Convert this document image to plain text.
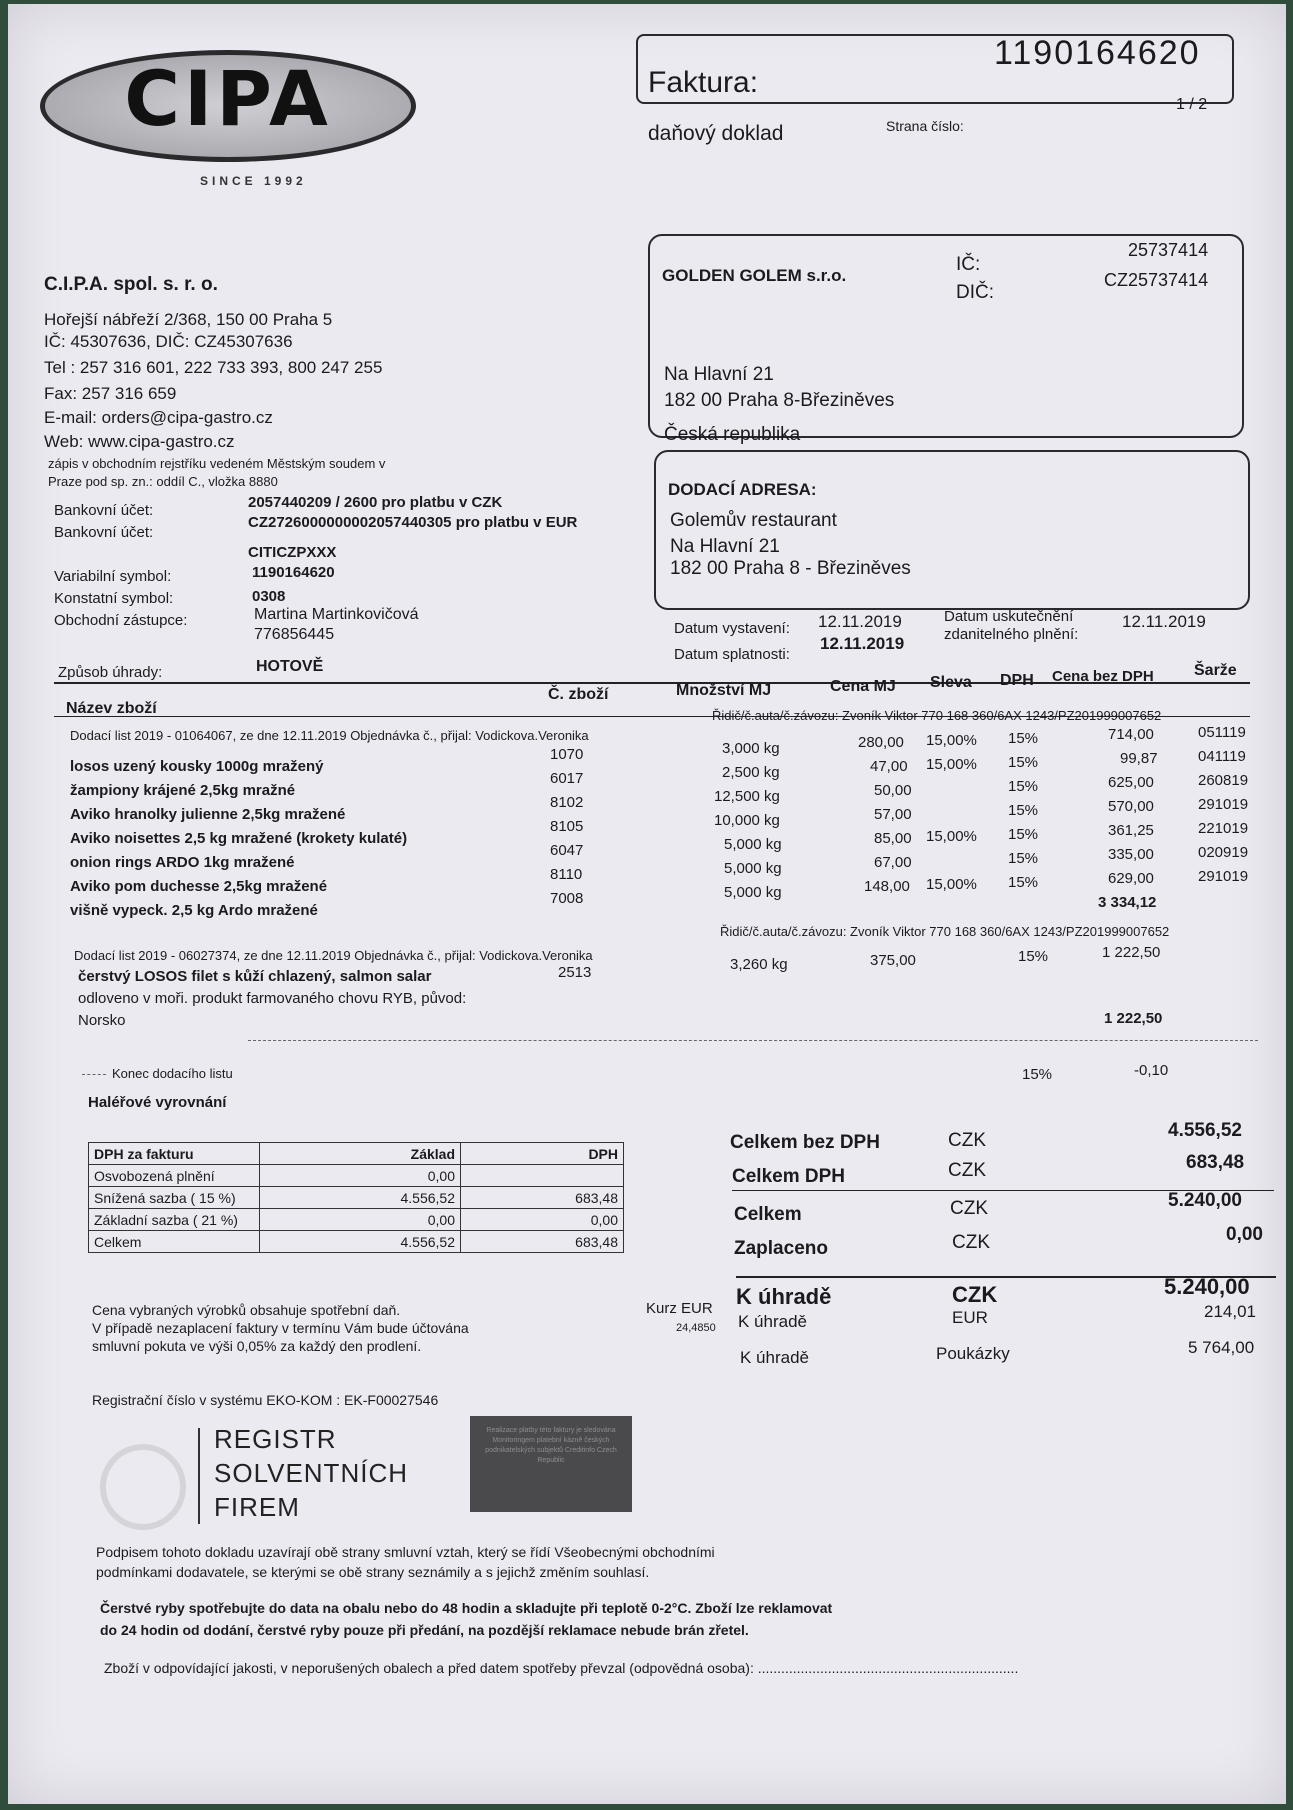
CIPA
SINCE 1992
Faktura:
1190164620
daňový doklad	Strana číslo:
1 / 2
C.I.P.A. spol. s. r. o.
Hořejší nábřeží 2/368, 150 00 Praha 5
IČ: 45307636, DIČ: CZ45307636
Tel : 257 316 601, 222 733 393, 800 247 255
Fax: 257 316 659
E-mail: orders@cipa-gastro.cz
Web: www.cipa-gastro.cz
zápis v obchodním rejstříku vedeném Městským soudem v
Praze pod sp. zn.: oddíl C., vložka 8880
Bankovní účet:	2057440209 / 2600 pro platbu v CZK
Bankovní účet:
CZ2726000000002057440305 pro platbu v EUR
CITICZPXXX
Variabilní symbol:	1190164620
Konstatní symbol:	0308
Obchodní zástupce:	Martina Martinkovičová
776856445
Způsob úhrady:	HOTOVĚ
GOLDEN GOLEM s.r.o.
IČ:
25737414
DIČ:
CZ25737414
Na Hlavní 21
182 00 Praha 8-Březiněves
Česká republika
DODACÍ ADRESA:
Golemův restaurant
Na Hlavní 21
182 00 Praha 8 - Březiněves
Datum vystavení: 12.11.2019
Datum splatnosti:
12.11.2019
Datum uskutečnění
zdanitelného plnění:
12.11.2019
Název zboží
Č. zboží	Množství MJ	Cena MJ Sleva DPH Cena bez DPH	Šarže
Dodací list 2019 - 01064067, ze dne 12.11.2019 Objednávka č., přijal: Vodickova.Veronika
Řidič/č.auta/č.závozu: Zvoník Viktor 770 168 360/6AX 1243/PZ201999007652
losos uzený kousky 1000g mražený
1070	3,000 kg	280,00 15,00% 15%	714,00	051119
žampiony krájené 2,5kg mražné
6017	2,500 kg	47,00 15,00% 15%	99,87	041119
Aviko hranolky julienne 2,5kg mražené
8102	12,500 kg	50,00	15%	625,00	260819
Aviko noisettes 2,5 kg mražené (krokety kulaté)
8105	10,000 kg	57,00	15%	570,00	291019
onion rings ARDO 1kg mražené
6047	5,000 kg	85,00 15,00% 15%	361,25	221019
Aviko pom duchesse 2,5kg mražené
8110	5,000 kg	67,00	15%	335,00	020919
višně vypeck. 2,5 kg Ardo mražené
7008	5,000 kg	148,00 15,00% 15%	629,00	291019
3 334,12
Dodací list 2019 - 06027374, ze dne 12.11.2019 Objednávka č., přijal: Vodickova.Veronika
Řidič/č.auta/č.závozu: Zvoník Viktor 770 168 360/6AX 1243/PZ201999007652
čerstvý LOSOS filet s kůží chlazený, salmon salar
odloveno v moři. produkt farmovaného chovu RYB, původ:
Norsko
2513	3,260 kg	375,00	15%	1 222,50
1 222,50
Konec dodacího listu
Haléřové vyrovnání
15%	-0,10
DPH za fakturu	Základ	DPH
Osvobozená plnění	0,00	
Snížená sazba ( 15 %)	4.556,52	683,48
Základní sazba ( 21 %)	0,00	0,00
Celkem	4.556,52	683,48
Celkem bez DPH	CZK	4.556,52
Celkem DPH	CZK	683,48
Celkem	CZK	5.240,00
Zaplaceno	CZK	0,00
K úhradě	CZK	5.240,00
K úhradě	EUR	214,01
K úhradě	Poukázky	5 764,00
Kurz EUR
24,4850
Cena vybraných výrobků obsahuje spotřební daň.
V případě nezaplacení faktury v termínu Vám bude účtována
smluvní pokuta ve výši 0,05% za každý den prodlení.
Registrační číslo v systému EKO-KOM : EK-F00027546
REGISTR SOLVENTNÍCH FIREM
Realizace platby této faktury je sledována Monitoringem platební kázně českých podnikatelských subjektů Creditinfo Czech Republic
Podpisem tohoto dokladu uzavírají obě strany smluvní vztah, který se řídí Všeobecnými obchodními
podmínkami dodavatele, se kterými se obě strany seznámily a s jejichž změním souhlasí.
Čerstvé ryby spotřebujte do data na obalu nebo do 48 hodin a skladujte při teplotě 0-2°C. Zboží lze reklamovat
do 24 hodin od dodání, čerstvé ryby pouze při předání, na pozdější reklamace nebude brán zřetel.
Zboží v odpovídající jakosti, v neporušených obalech a před datem spotřeby převzal (odpovědná osoba): ...................................................................
